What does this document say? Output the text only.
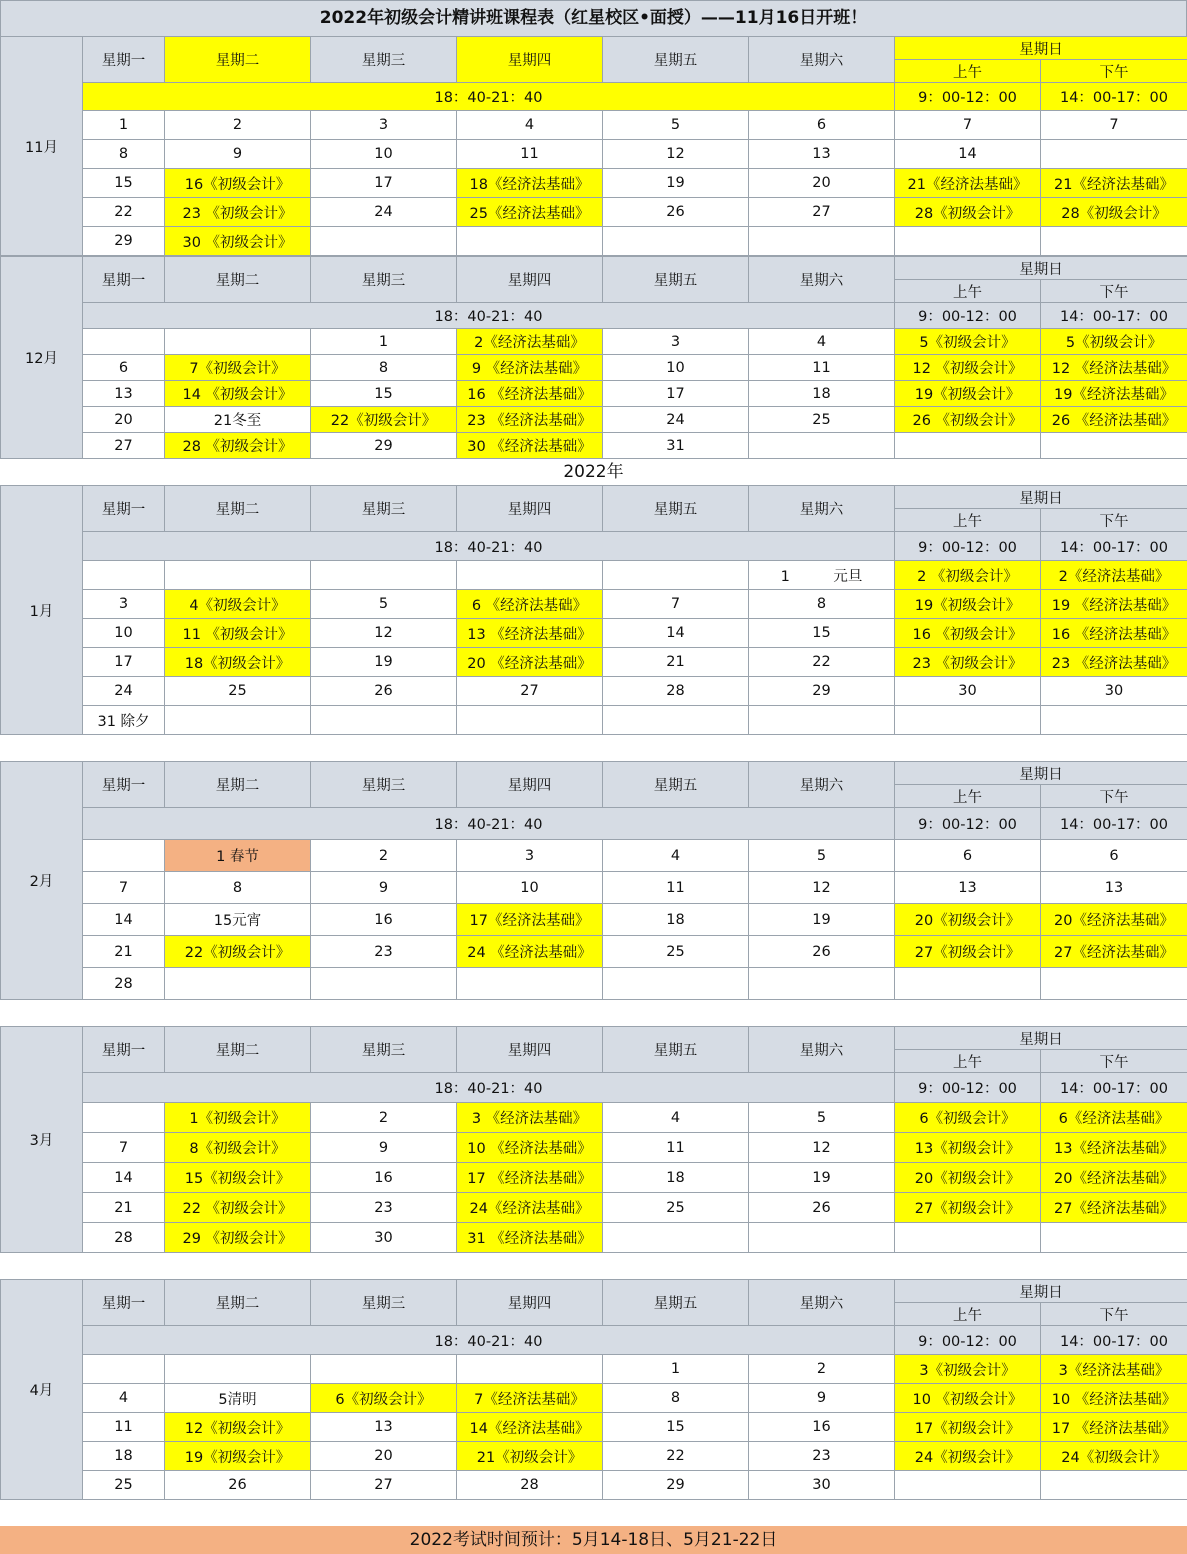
2022年初级会计精讲班课程表（红星校区•面授）——11月16日开班！
2022年
2022考试时间预计：5月14-18日、5月21-22日
11月	星期一	星期二	星期三	星期四	星期五	星期六	星期日	
							上午	下午
	18：40-21：40						9：00-12：00	14：00-17：00
	1	2	3	4	5	6	7	7
	8	9	10	11	12	13	14	
	15	16《初级会计》	17	18《经济法基础》	19	20	21《经济法基础》	21《经济法基础》
	22	23 《初级会计》	24	25《经济法基础》	26	27	28《初级会计》	28《初级会计》
	29	30 《初级会计》						
12月	星期一	星期二	星期三	星期四	星期五	星期六	星期日	
							上午	下午
	18：40-21：40						9：00-12：00	14：00-17：00
			1	2《经济法基础》	3	4	5《初级会计》	5《初级会计》
	6	7《初级会计》	8	9 《经济法基础》	10	11	12 《初级会计》	12 《经济法基础》
	13	14 《初级会计》	15	16 《经济法基础》	17	18	19《初级会计》	19《经济法基础》
	20	21冬至	22《初级会计》	23 《经济法基础》	24	25	26 《初级会计》	26 《经济法基础》
	27	28 《初级会计》	29	30 《经济法基础》	31			
1月	星期一	星期二	星期三	星期四	星期五	星期六	星期日	
							上午	下午
	18：40-21：40						9：00-12：00	14：00-17：00
						1　　　元旦	2 《初级会计》	2《经济法基础》
	3	4《初级会计》	5	6 《经济法基础》	7	8	19《初级会计》	19 《经济法基础》
	10	11 《初级会计》	12	13 《经济法基础》	14	15	16 《初级会计》	16 《经济法基础》
	17	18《初级会计》	19	20 《经济法基础》	21	22	23 《初级会计》	23 《经济法基础》
	24	25	26	27	28	29	30	30
	31 除夕							
2月	星期一	星期二	星期三	星期四	星期五	星期六	星期日	
							上午	下午
	18：40-21：40						9：00-12：00	14：00-17：00
		1 春节	2	3	4	5	6	6
	7	8	9	10	11	12	13	13
	14	15元宵	16	17《经济法基础》	18	19	20《初级会计》	20《经济法基础》
	21	22《初级会计》	23	24 《经济法基础》	25	26	27《初级会计》	27《经济法基础》
	28							
3月	星期一	星期二	星期三	星期四	星期五	星期六	星期日	
							上午	下午
	18：40-21：40						9：00-12：00	14：00-17：00
		1《初级会计》	2	3 《经济法基础》	4	5	6《初级会计》	6《经济法基础》
	7	8《初级会计》	9	10 《经济法基础》	11	12	13《初级会计》	13《经济法基础》
	14	15《初级会计》	16	17 《经济法基础》	18	19	20《初级会计》	20《经济法基础》
	21	22 《初级会计》	23	24《经济法基础》	25	26	27《初级会计》	27《经济法基础》
	28	29 《初级会计》	30	31 《经济法基础》				
4月	星期一	星期二	星期三	星期四	星期五	星期六	星期日	
							上午	下午
	18：40-21：40						9：00-12：00	14：00-17：00
					1	2	3《初级会计》	3《经济法基础》
	4	5清明	6《初级会计》	7《经济法基础》	8	9	10 《初级会计》	10 《经济法基础》
	11	12《初级会计》	13	14《经济法基础》	15	16	17《初级会计》	17 《经济法基础》
	18	19《初级会计》	20	21《初级会计》	22	23	24《初级会计》	24《初级会计》
	25	26	27	28	29	30		
